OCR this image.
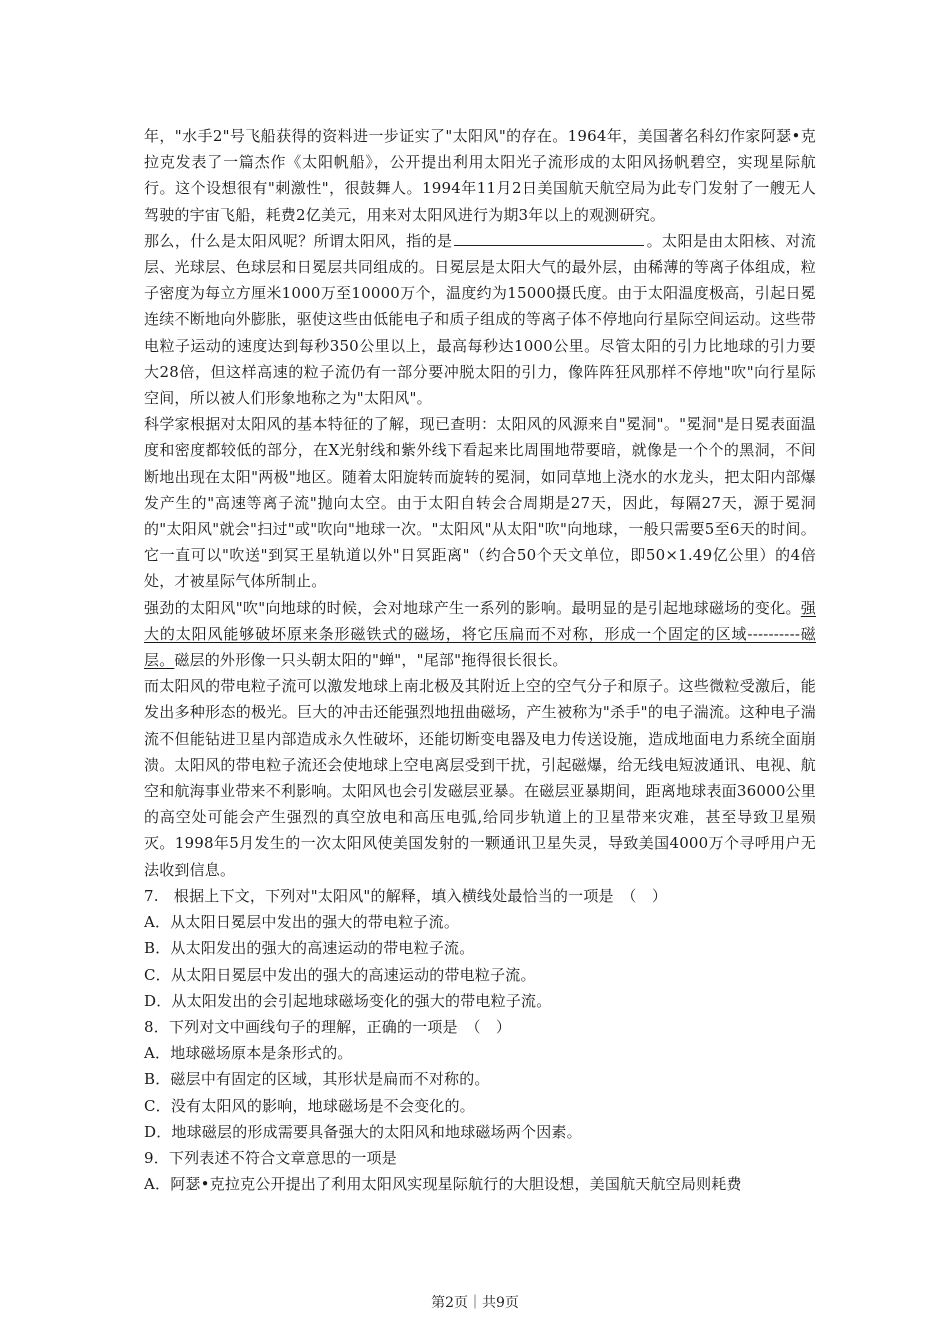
年，"水手2"号飞船获得的资料进一步证实了"太阳风"的存在。1964年，美国著名科幻作家阿瑟•克拉克发表了一篇杰作《太阳帆船》，公开提出利用太阳光子流形成的太阳风扬帆碧空，实现星际航行。这个设想很有"刺激性"，很鼓舞人。1994年11月2日美国航天航空局为此专门发射了一艘无人驾驶的宇宙飞船，耗费2亿美元，用来对太阳风进行为期3年以上的观测研究。

那么，什么是太阳风呢？所谓太阳风，指的是	。太阳是由太阳核、对流层、光球层、色球层和日冕层共同组成的。日冕层是太阳大气的最外层，由稀薄的等离子体组成，粒子密度为每立方厘米1000万至10000万个，温度约为15000摄氏度。由于太阳温度极高，引起日冕连续不断地向外膨胀，驱使这些由低能电子和质子组成的等离子体不停地向行星际空间运动。这些带电粒子运动的速度达到每秒350公里以上，最高每秒达1000公里。尽管太阳的引力比地球的引力要大28倍，但这样高速的粒子流仍有一部分要冲脱太阳的引力，像阵阵狂风那样不停地"吹"向行星际空间，所以被人们形象地称之为"太阳风"。

科学家根据对太阳风的基本特征的了解，现已查明：太阳风的风源来自"冕洞"。"冕洞"是日冕表面温度和密度都较低的部分，在X光射线和紫外线下看起来比周围地带要暗，就像是一个个的黑洞，不间断地出现在太阳"两极"地区。随着太阳旋转而旋转的冕洞，如同草地上浇水的水龙头，把太阳内部爆发产生的"高速等离子流"抛向太空。由于太阳自转会合周期是27天，因此，每隔27天，源于冕洞的"太阳风"就会"扫过"或"吹向"地球一次。"太阳风"从太阳"吹"向地球，一般只需要5至6天的时间。它一直可以"吹送"到冥王星轨道以外"日冥距离"（约合50个天文单位，即50×1.49亿公里）的4倍处，才被星际气体所制止。

强劲的太阳风"吹"向地球的时候，会对地球产生一系列的影响。最明显的是引起地球磁场的变化。强大的太阳风能够破坏原来条形磁铁式的磁场，将它压扁而不对称，形成一个固定的区域----------磁层。磁层的外形像一只头朝太阳的"蝉"，"尾部"拖得很长很长。

而太阳风的带电粒子流可以激发地球上南北极及其附近上空的空气分子和原子。这些微粒受激后，能发出多种形态的极光。巨大的冲击还能强烈地扭曲磁场，产生被称为"杀手"的电子湍流。这种电子湍流不但能钻进卫星内部造成永久性破坏，还能切断变电器及电力传送设施，造成地面电力系统全面崩溃。太阳风的带电粒子流还会使地球上空电离层受到干扰，引起磁爆，给无线电短波通讯、电视、航空和航海事业带来不利影响。太阳风也会引发磁层亚暴。在磁层亚暴期间，距离地球表面36000公里的高空处可能会产生强烈的真空放电和高压电弧,给同步轨道上的卫星带来灾难，甚至导致卫星殒灭。1998年5月发生的一次太阳风使美国发射的一颗通讯卫星失灵，导致美国4000万个寻呼用户无法收到信息。

7.　根据上下文，下列对"太阳风"的解释，填入横线处最恰当的一项是　（　）

A．从太阳日冕层中发出的强大的带电粒子流。

B．从太阳发出的强大的高速运动的带电粒子流。

C．从太阳日冕层中发出的强大的高速运动的带电粒子流。

D．从太阳发出的会引起地球磁场变化的强大的带电粒子流。

8．下列对文中画线句子的理解，正确的一项是　（　）

A．地球磁场原本是条形式的。

B．磁层中有固定的区域，其形状是扁而不对称的。

C．没有太阳风的影响，地球磁场是不会变化的。

D．地球磁层的形成需要具备强大的太阳风和地球磁场两个因素。

9．下列表述不符合文章意思的一项是

A．阿瑟•克拉克公开提出了利用太阳风实现星际航行的大胆设想，美国航天航空局则耗费

第2页｜共9页
